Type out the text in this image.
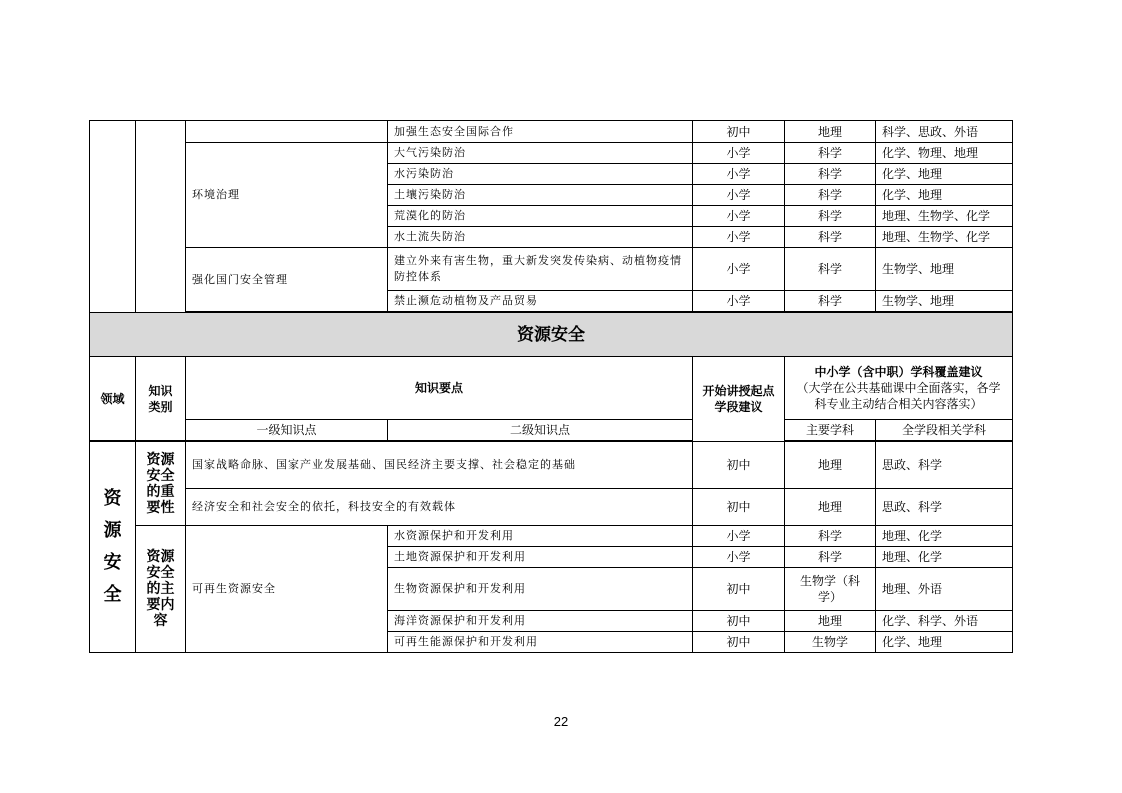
			加强生态安全国际合作	初中	地理	科学、思政、外语
		环境治理	大气污染防治	小学	科学	化学、物理、地理
			水污染防治	小学	科学	化学、地理
			土壤污染防治	小学	科学	化学、地理
			荒漠化的防治	小学	科学	地理、生物学、化学
			水土流失防治	小学	科学	地理、生物学、化学
		强化国门安全管理	建立外来有害生物，重大新发突发传染病、动植物疫情防控体系	小学	科学	生物学、地理
			禁止濒危动植物及产品贸易	小学	科学	生物学、地理

资源安全						
领域	知识类别	知识要点		开始讲授起点学段建议	中小学（含中职）学科覆盖建议
（大学在公共基础课中全面落实，各学科专业主动结合相关内容落实）	

		一级知识点	二级知识点		主要学科	全学段相关学科

资
源
安
全	资源安全的重要性	国家战略命脉、国家产业发展基础、国民经济主要支撑、社会稳定的基础		初中	地理	思政、科学
		经济安全和社会安全的依托，科技安全的有效载体		初中	地理	思政、科学
	资源安全的主要内容	可再生资源安全	水资源保护和开发利用	小学	科学	地理、化学
			土地资源保护和开发利用	小学	科学	地理、化学
			生物资源保护和开发利用	初中	生物学（科学）	地理、外语
			海洋资源保护和开发利用	初中	地理	化学、科学、外语
			可再生能源保护和开发利用	初中	生物学	化学、地理
22
